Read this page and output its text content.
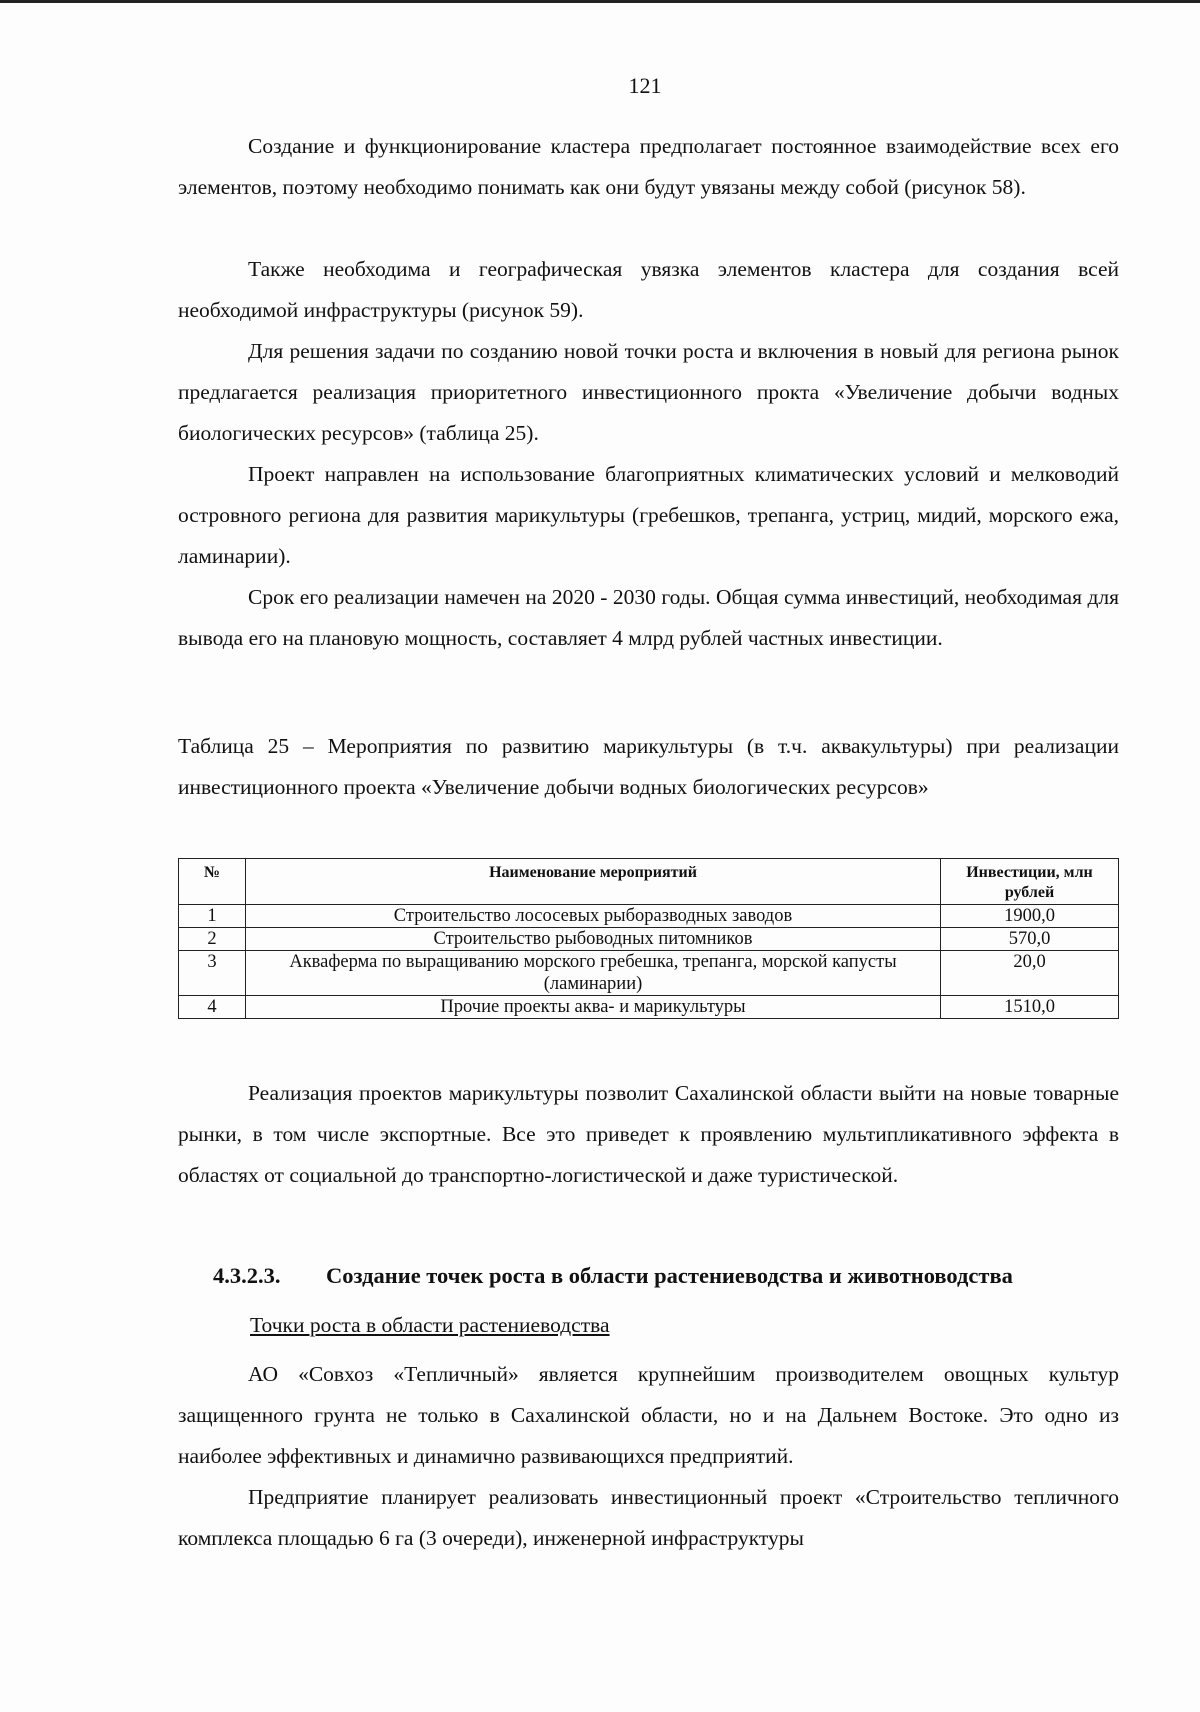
121

Создание и функционирование кластера предполагает постоянное взаимодействие всех его элементов, поэтому необходимо понимать как они будут увязаны между собой (рисунок 58).

Также необходима и географическая увязка элементов кластера для создания всей необходимой инфраструктуры (рисунок 59).

Для решения задачи по созданию новой точки роста и включения в новый для региона рынок предлагается реализация приоритетного инвестиционного прокта «Увеличение добычи водных биологических ресурсов» (таблица 25).

Проект направлен на использование благоприятных климатических условий и мелководий островного региона для развития марикультуры (гребешков, трепанга, устриц, мидий, морского ежа, ламинарии).

Срок его реализации намечен на 2020 - 2030 годы. Общая сумма инвестиций, необходимая для вывода его на плановую мощность, составляет 4 млрд рублей частных инвестиции.

Таблица 25 – Мероприятия по развитию марикультуры (в т.ч. аквакультуры) при реализации инвестиционного проекта «Увеличение добычи водных биологических ресурсов»

№	Наименование мероприятий	Инвестиции, млн рублей
1	Строительство лососевых рыборазводных заводов	1900,0
2	Строительство рыбоводных питомников	570,0
3	Акваферма по выращиванию морского гребешка, трепанга, морской капусты (ламинарии)	20,0
4	Прочие проекты аква- и марикультуры	1510,0

Реализация проектов марикультуры позволит Сахалинской области выйти на новые товарные рынки, в том числе экспортные. Все это приведет к проявлению мультипликативного эффекта в областях от социальной до транспортно-логистической и даже туристической.

4.3.2.3. Создание точек роста в области растениеводства и животноводства

Точки роста в области растениеводства

АО «Совхоз «Тепличный» является крупнейшим производителем овощных культур защищенного грунта не только в Сахалинской области, но и на Дальнем Востоке. Это одно из наиболее эффективных и динамично развивающихся предприятий.

Предприятие планирует реализовать инвестиционный проект «Строительство тепличного комплекса площадью 6 га (3 очереди), инженерной инфраструктуры
